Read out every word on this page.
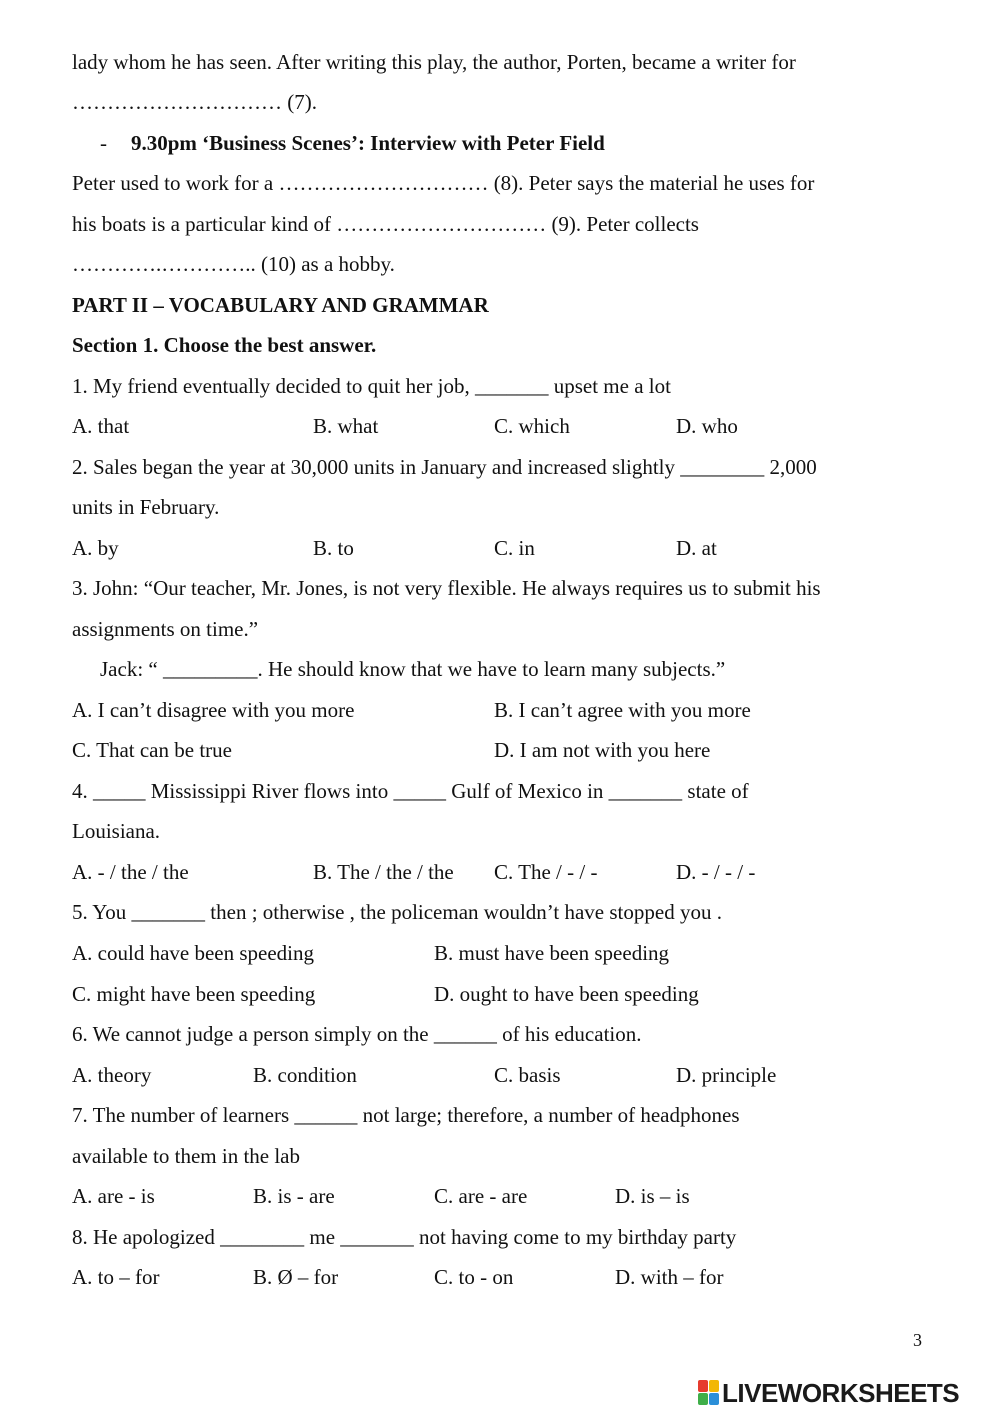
lady whom he has seen. After writing this play, the author, Porten, became a writer for
………………………… (7).
- 9.30pm ‘Business Scenes’: Interview with Peter Field
Peter used to work for a ………………………… (8). Peter says the material he uses for
his boats is a particular kind of ………………………… (9). Peter collects
………….………….. (10) as a hobby.
PART II – VOCABULARY AND GRAMMAR
Section 1. Choose the best answer.
1. My friend eventually decided to quit her job, _______ upset me a lot
A. that	B. what	C. which	D. who
2. Sales began the year at 30,000 units in January and increased slightly ________ 2,000
units in February.
A. by	B. to	C. in	D. at
3. John: “Our teacher, Mr. Jones, is not very flexible. He always requires us to submit his
assignments on time.”
Jack: “ _________. He should know that we have to learn many subjects.”
A. I can’t disagree with you more	B. I can’t agree with you more
C. That can be true	D. I am not with you here
4. _____ Mississippi River flows into _____ Gulf of Mexico in _______ state of
Louisiana.
A. - / the / the	B. The / the / the C. The / - / -	D. - / - / -
5. You _______ then ; otherwise , the policeman wouldn’t have stopped you .
A. could have been speeding	B. must have been speeding
C. might have been speeding	D. ought to have been speeding
6. We cannot judge a person simply on the ______ of his education.
A. theory	B. condition	C. basis	D. principle
7. The number of learners ______ not large; therefore, a number of headphones
available to them in the lab
A. are - is	B. is - are	C. are - are	D. is – is
8. He apologized ________ me _______ not having come to my birthday party
A. to – for	B. Ø – for	C. to - on	D. with – for
3
LIVEWORKSHEETS
